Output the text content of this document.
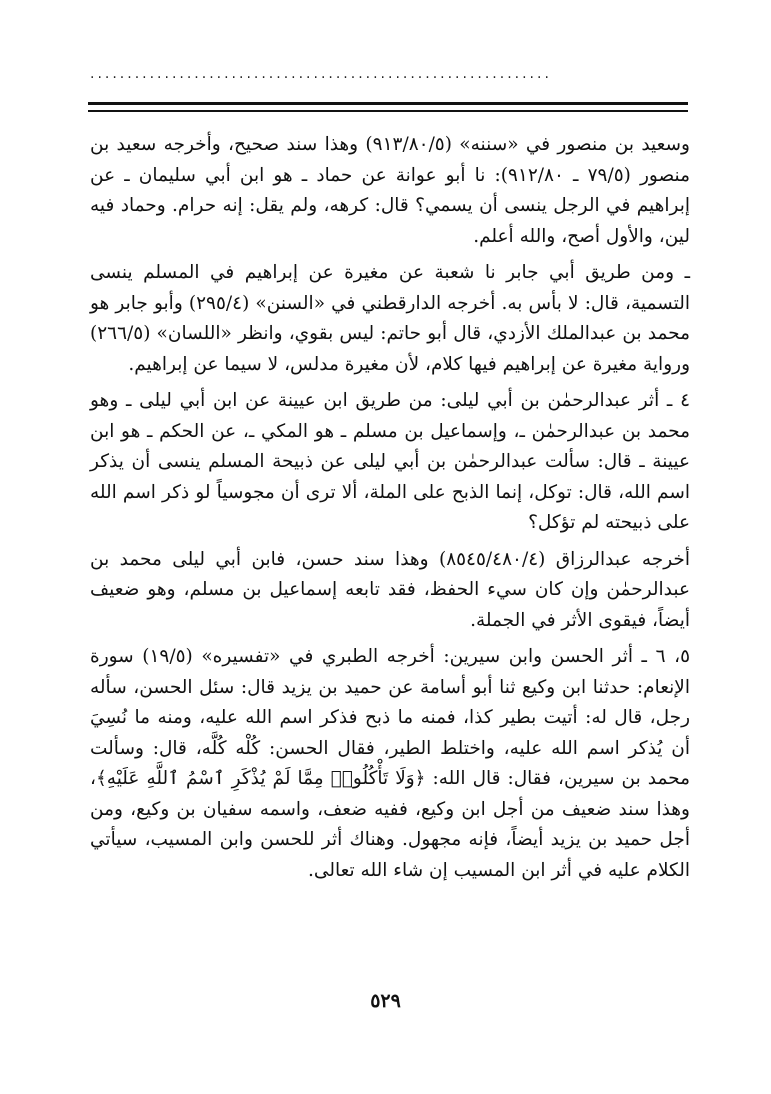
..............................................................

وسعيد بن منصور في «سننه» (٩١٣/٨٠/٥) وهذا سند صحيح، وأخرجه سعيد بن منصور (٧٩/٥ ـ ٩١٢/٨٠): نا أبو عوانة عن حماد ـ هو ابن أبي سليمان ـ عن إبراهيم في الرجل ينسى أن يسمي؟ قال: كرهه، ولم يقل: إنه حرام. وحماد فيه لين، والأول أصح، والله أعلم.

ـ ومن طريق أبي جابر نا شعبة عن مغيرة عن إبراهيم في المسلم ينسى التسمية، قال: لا بأس به. أخرجه الدارقطني في «السنن» (٢٩٥/٤) وأبو جابر هو محمد بن عبدالملك الأزدي، قال أبو حاتم: ليس بقوي، وانظر «اللسان» (٢٦٦/٥) ورواية مغيرة عن إبراهيم فيها كلام، لأن مغيرة مدلس، لا سيما عن إبراهيم.

٤ ـ أثر عبدالرحمٰن بن أبي ليلى: من طريق ابن عيينة عن ابن أبي ليلى ـ وهو محمد بن عبدالرحمٰن ـ، وإسماعيل بن مسلم ـ هو المكي ـ، عن الحكم ـ هو ابن عيينة ـ قال: سألت عبدالرحمٰن بن أبي ليلى عن ذبيحة المسلم ينسى أن يذكر اسم الله، قال: توكل، إنما الذبح على الملة، ألا ترى أن مجوسياً لو ذكر اسم الله على ذبيحته لم تؤكل؟

أخرجه عبدالرزاق (٨٥٤٥/٤٨٠/٤) وهذا سند حسن، فابن أبي ليلى محمد بن عبدالرحمٰن وإن كان سيء الحفظ، فقد تابعه إسماعيل بن مسلم، وهو ضعيف أيضاً، فيقوى الأثر في الجملة.

٥، ٦ ـ أثر الحسن وابن سيرين: أخرجه الطبري في «تفسيره» (١٩/٥) سورة الإنعام: حدثنا ابن وكيع ثنا أبو أسامة عن حميد بن يزيد قال: سئل الحسن، سأله رجل، قال له: أتيت بطير كذا، فمنه ما ذبح فذكر اسم الله عليه، ومنه ما نُسِيَ أن يُذكر اسم الله عليه، واختلط الطير، فقال الحسن: كُلْه كُلَّه، قال: وسألت محمد بن سيرين، فقال: قال الله: ﴿وَلَا تَأْكُلُوا۟ مِمَّا لَمْ يُذْكَرِ ٱسْمُ ٱللَّهِ عَلَيْهِ﴾، وهذا سند ضعيف من أجل ابن وكيع، ففيه ضعف، واسمه سفيان بن وكيع، ومن أجل حميد بن يزيد أيضاً، فإنه مجهول. وهناك أثر للحسن وابن المسيب، سيأتي الكلام عليه في أثر ابن المسيب إن شاء الله تعالى.

٥٢٩
